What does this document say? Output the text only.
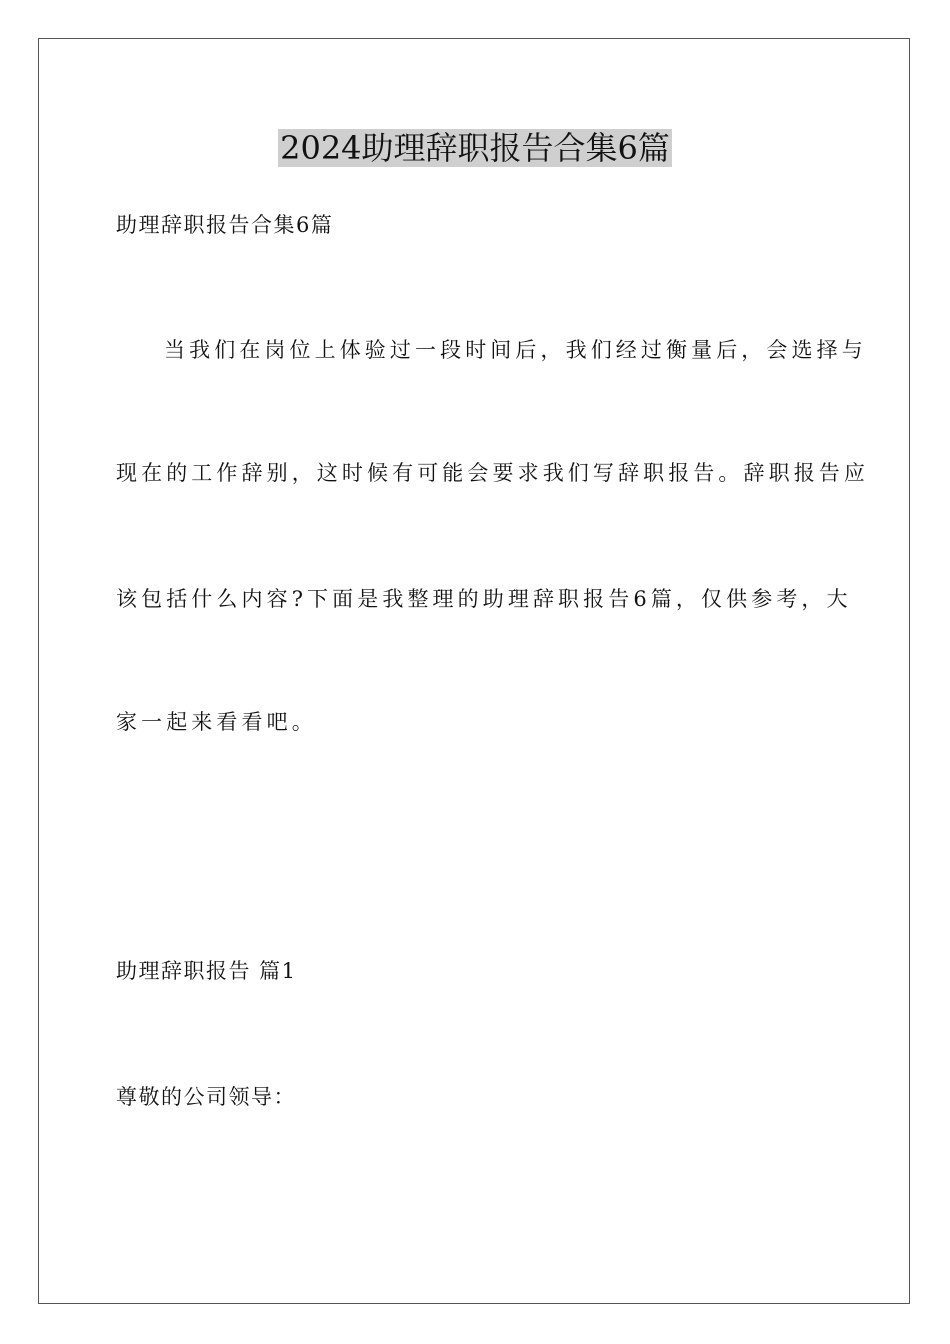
2024助理辞职报告合集6篇

助理辞职报告合集6篇

当我们在岗位上体验过一段时间后，我们经过衡量后，会选择与

现在的工作辞别，这时候有可能会要求我们写辞职报告。辞职报告应

该包括什么内容?下面是我整理的助理辞职报告6篇，仅供参考，大

家一起来看看吧。

助理辞职报告 篇1

尊敬的公司领导：
